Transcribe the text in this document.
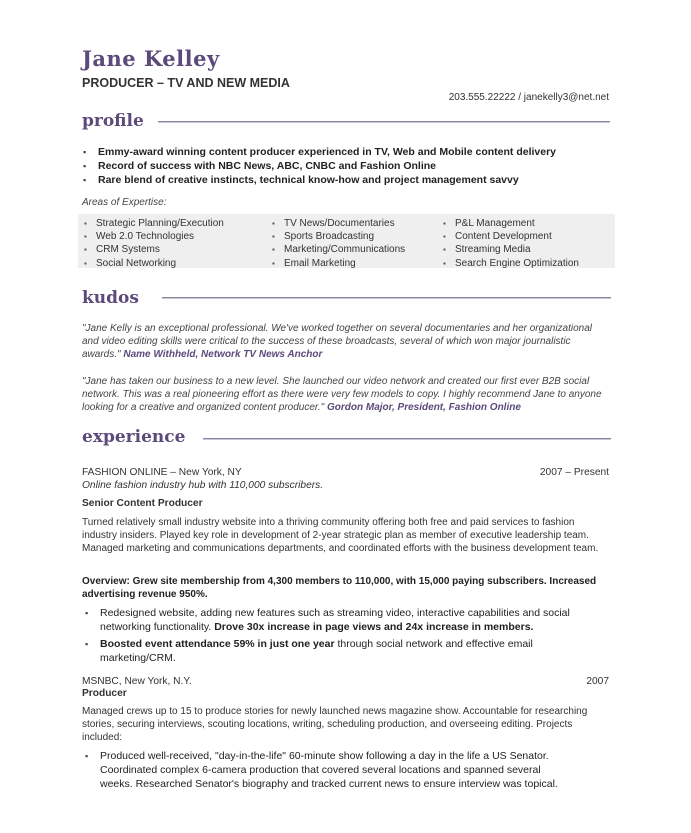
Jane Kelley
PRODUCER – TV AND NEW MEDIA
203.555.22222 / janekelly3@net.net
profile
▪ Emmy-award winning content producer experienced in TV, Web and Mobile content delivery
▪ Record of success with NBC News, ABC, CNBC and Fashion Online
▪ Rare blend of creative instincts, technical know-how and project management savvy
Areas of Expertise:
▪ Strategic Planning/Execution
▪ Web 2.0 Technologies
▪ CRM Systems
▪ Social Networking
▪ TV News/Documentaries
▪ Sports Broadcasting
▪ Marketing/Communications
▪ Email Marketing
▪ P&L Management
▪ Content Development
▪ Streaming Media
▪ Search Engine Optimization
kudos
"Jane Kelly is an exceptional professional. We've worked together on several documentaries and her organizational and video editing skills were critical to the success of these broadcasts, several of which won major journalistic awards." Name Withheld, Network TV News Anchor
"Jane has taken our business to a new level. She launched our video network and created our first ever B2B social network. This was a real pioneering effort as there were very few models to copy. I highly recommend Jane to anyone looking for a creative and organized content producer." Gordon Major, President, Fashion Online
experience
FASHION ONLINE – New York, NY	2007 – Present
Online fashion industry hub with 110,000 subscribers.
Senior Content Producer
Turned relatively small industry website into a thriving community offering both free and paid services to fashion industry insiders. Played key role in development of 2-year strategic plan as member of executive leadership team. Managed marketing and communications departments, and coordinated efforts with the business development team.
Overview: Grew site membership from 4,300 members to 110,000, with 15,000 paying subscribers. Increased advertising revenue 950%.
▪ Redesigned website, adding new features such as streaming video, interactive capabilities and social networking functionality. Drove 30x increase in page views and 24x increase in members.
▪ Boosted event attendance 59% in just one year through social network and effective email marketing/CRM.
MSNBC, New York, N.Y.	2007
Producer
Managed crews up to 15 to produce stories for newly launched news magazine show. Accountable for researching stories, securing interviews, scouting locations, writing, scheduling production, and overseeing editing. Projects included:
▪ Produced well-received, "day-in-the-life" 60-minute show following a day in the life a US Senator. Coordinated complex 6-camera production that covered several locations and spanned several weeks. Researched Senator's biography and tracked current news to ensure interview was topical.
